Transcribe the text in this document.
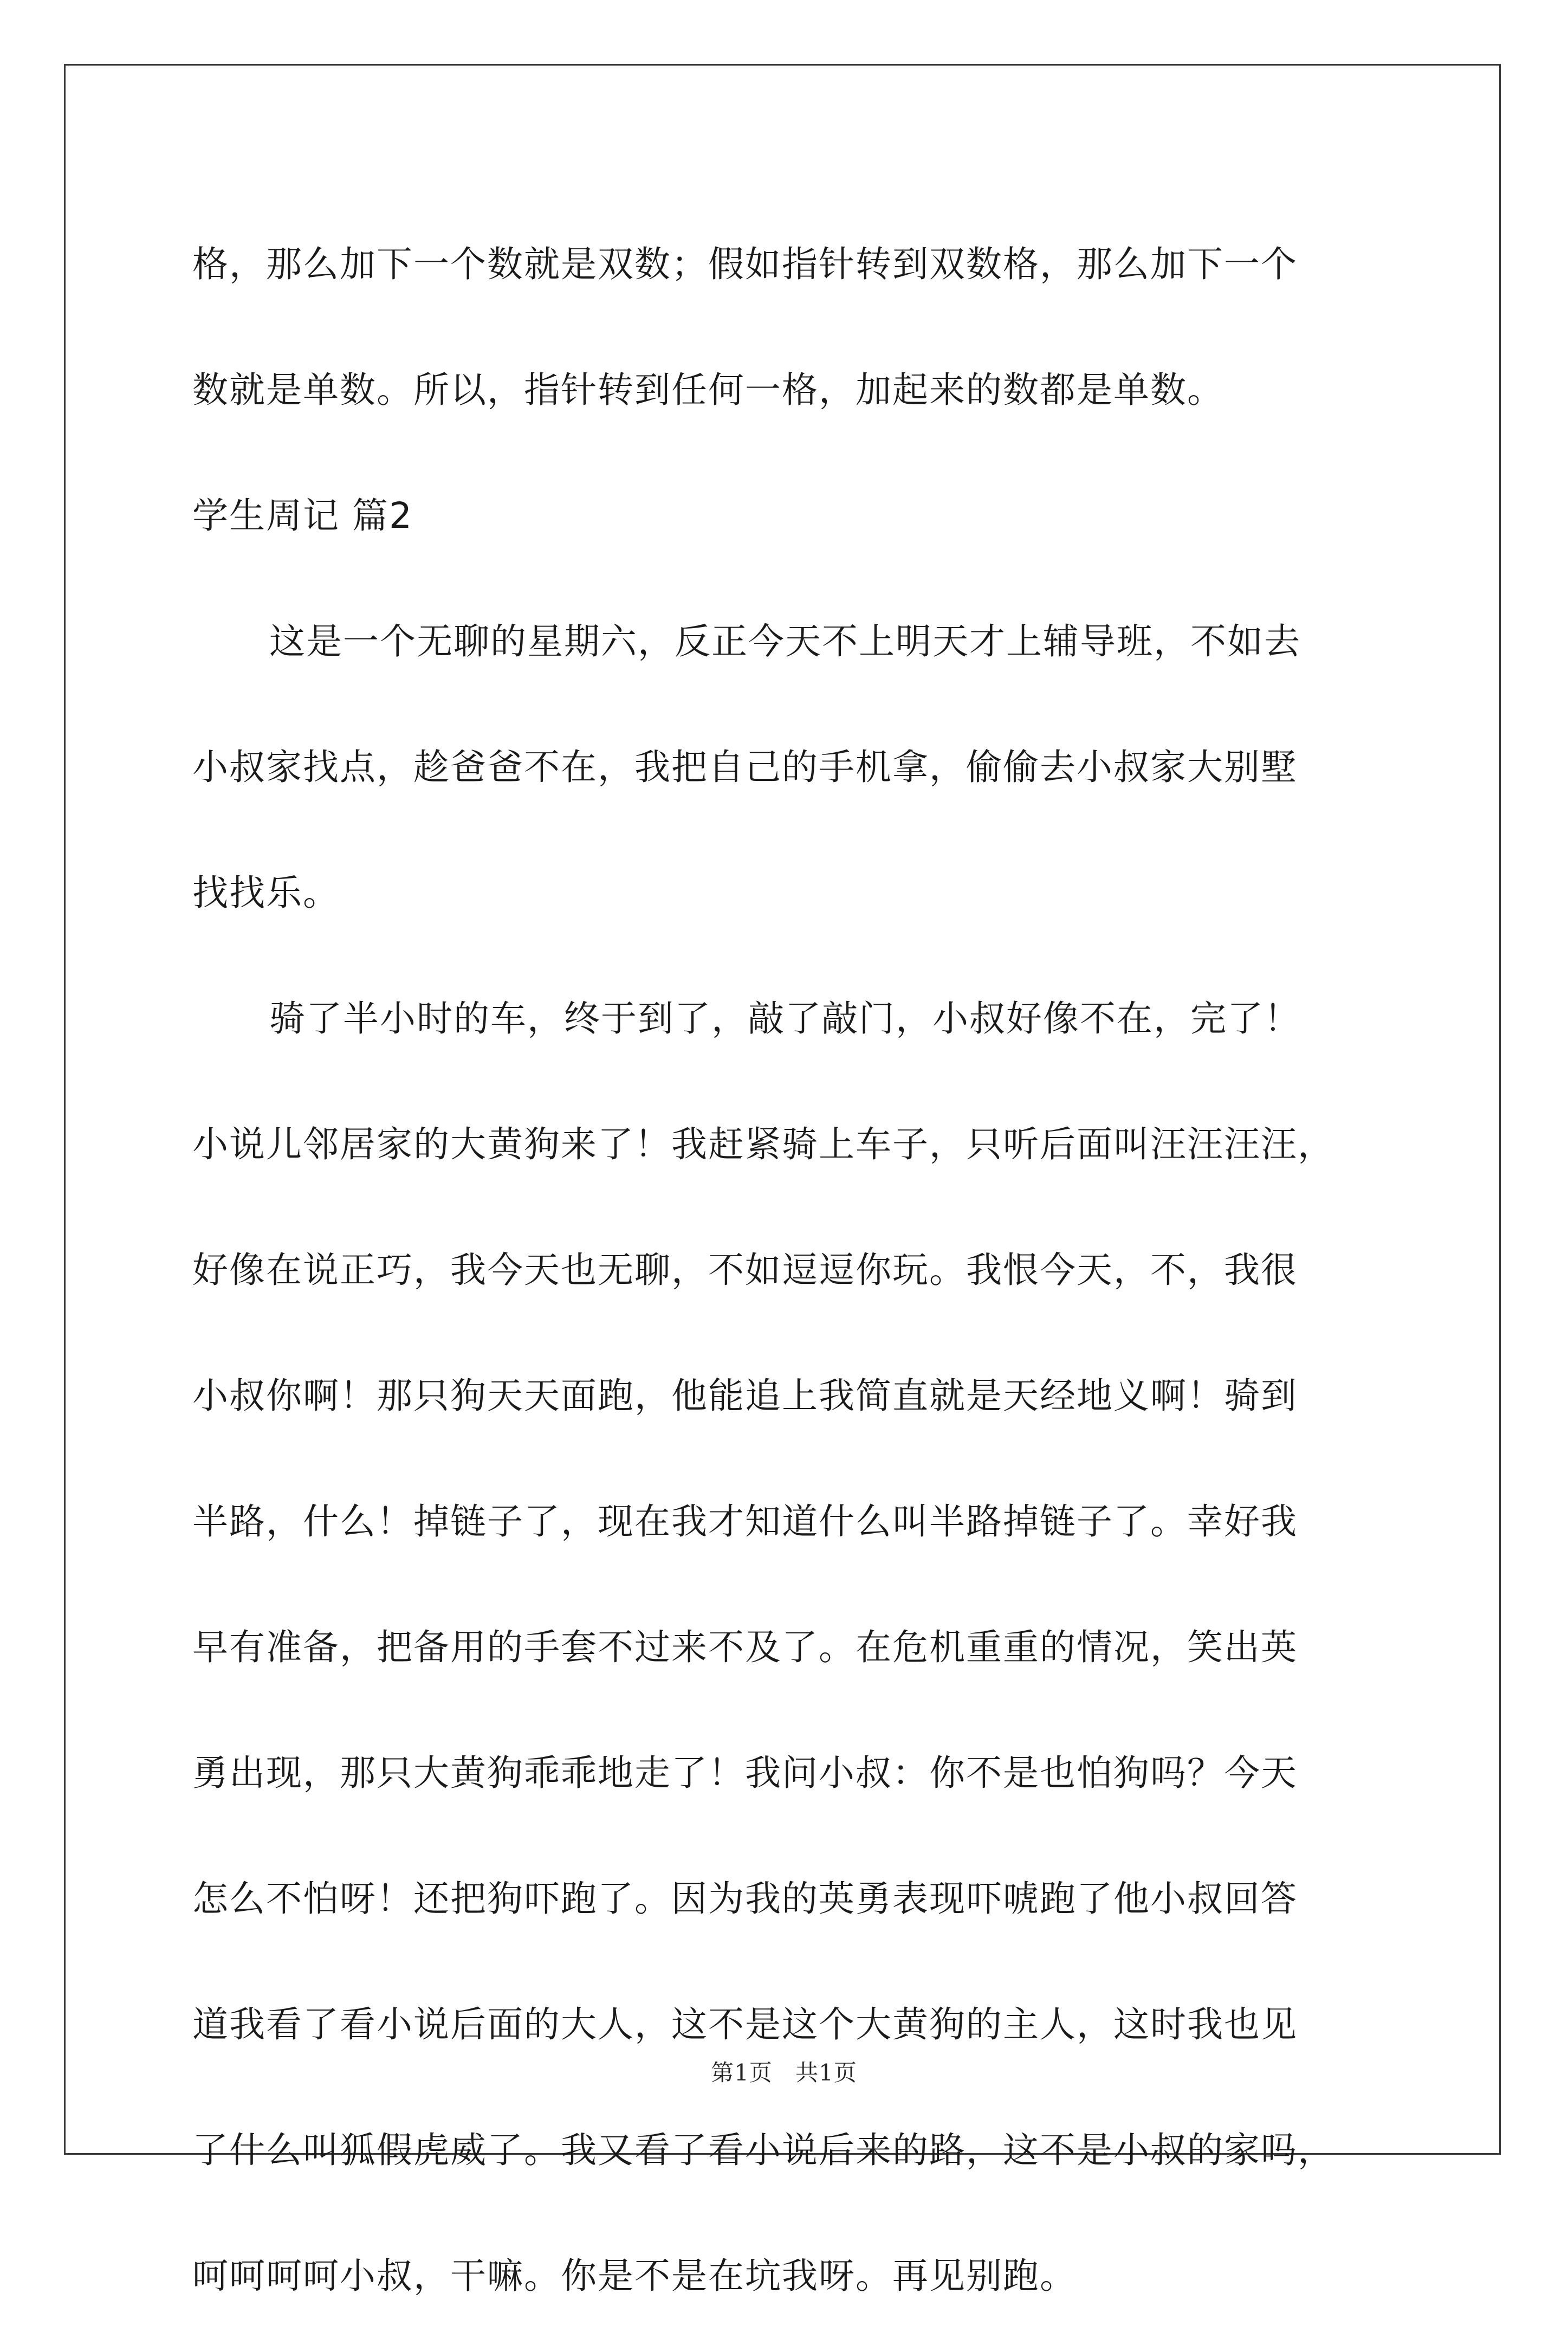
格，那么加下一个数就是双数；假如指针转到双数格，那么加下一个
数就是单数。所以，指针转到任何一格，加起来的数都是单数。
学生周记 篇2
这是一个无聊的星期六，反正今天不上明天才上辅导班，不如去
小叔家找点，趁爸爸不在，我把自己的手机拿，偷偷去小叔家大别墅
找找乐。
骑了半小时的车，终于到了，敲了敲门，小叔好像不在，完了！
小说儿邻居家的大黄狗来了！我赶紧骑上车子，只听后面叫汪汪汪汪，
好像在说正巧，我今天也无聊，不如逗逗你玩。我恨今天，不，我很
小叔你啊！那只狗天天面跑，他能追上我简直就是天经地义啊！骑到
半路，什么！掉链子了，现在我才知道什么叫半路掉链子了。幸好我
早有准备，把备用的手套不过来不及了。在危机重重的情况，笑出英
勇出现，那只大黄狗乖乖地走了！我问小叔：你不是也怕狗吗？今天
怎么不怕呀！还把狗吓跑了。因为我的英勇表现吓唬跑了他小叔回答
道我看了看小说后面的大人，这不是这个大黄狗的主人，这时我也见
了什么叫狐假虎威了。我又看了看小说后来的路，这不是小叔的家吗，
呵呵呵呵小叔，干嘛。你是不是在坑我呀。再见别跑。
第1页 共1页
